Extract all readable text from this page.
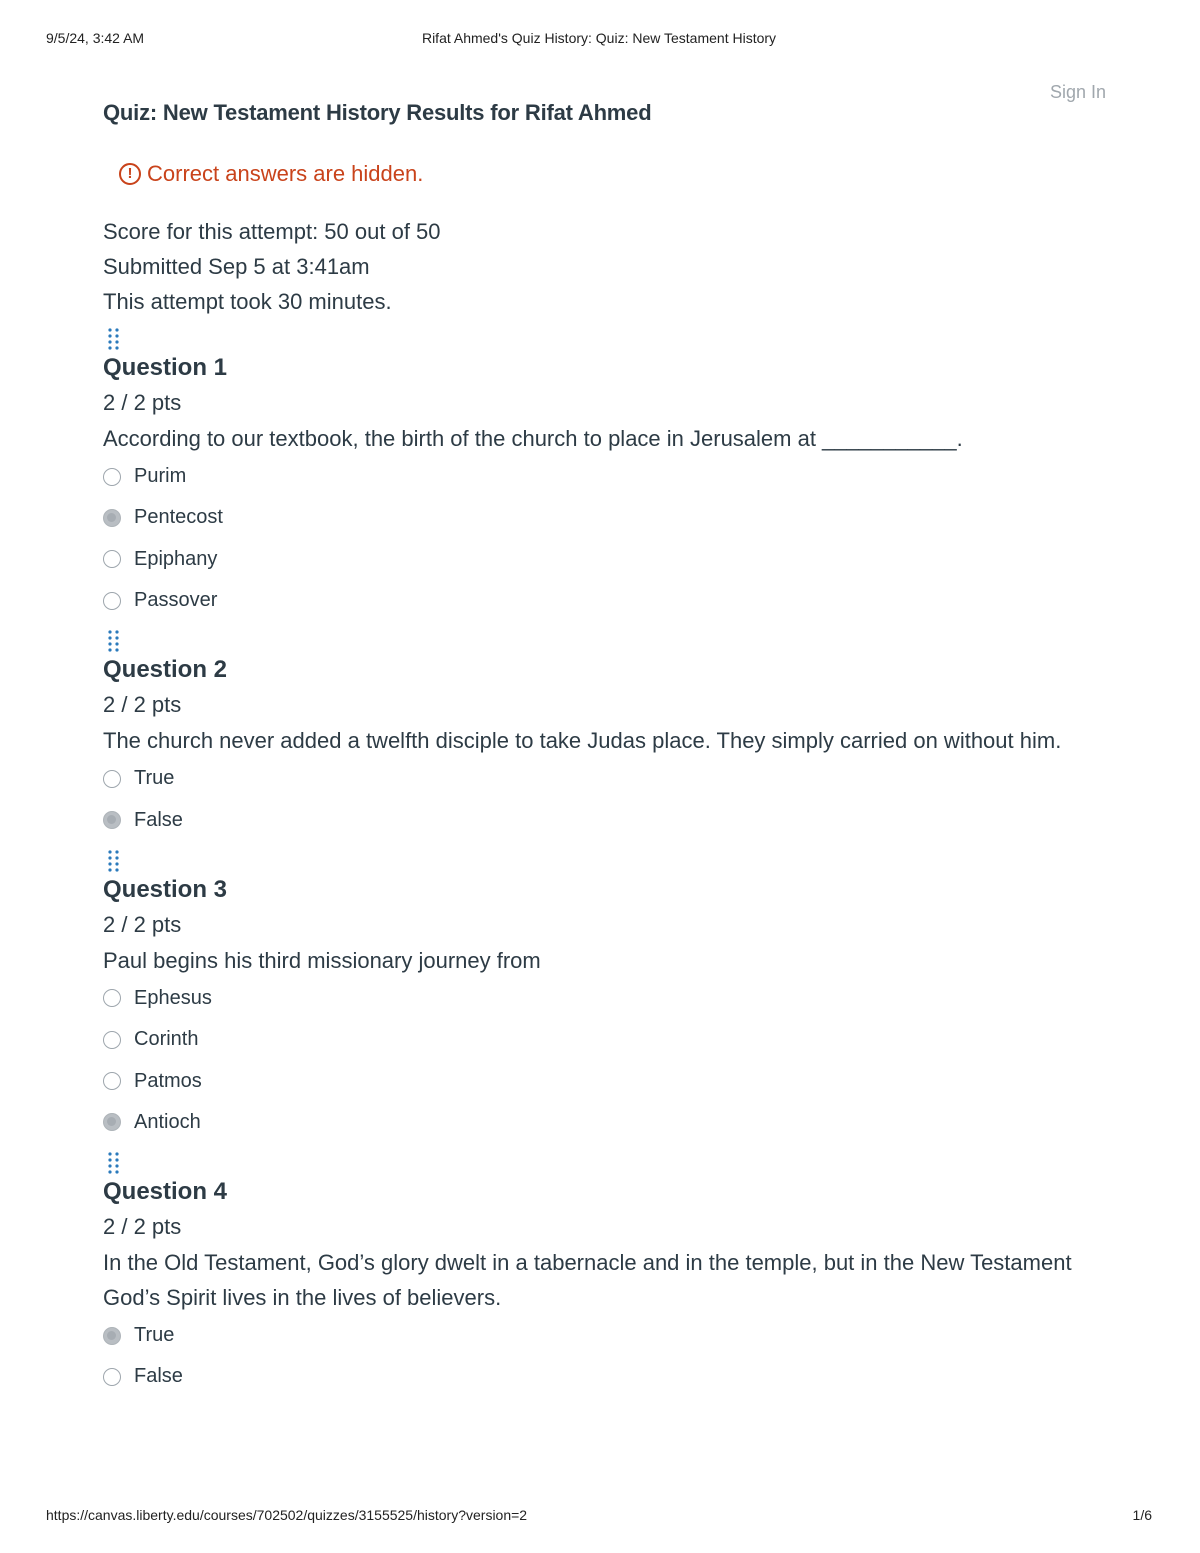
9/5/24, 3:42 AM	Rifat Ahmed's Quiz History: Quiz: New Testament History
Sign In
Quiz: New Testament History Results for Rifat Ahmed
! Correct answers are hidden.
Score for this attempt: 50 out of 50
Submitted Sep 5 at 3:41am
This attempt took 30 minutes.
Question 1
2 / 2 pts
According to our textbook, the birth of the church to place in Jerusalem at ___________.
Purim
Pentecost
Epiphany
Passover
Question 2
2 / 2 pts
The church never added a twelfth disciple to take Judas place. They simply carried on without him.
True
False
Question 3
2 / 2 pts
Paul begins his third missionary journey from
Ephesus
Corinth
Patmos
Antioch
Question 4
2 / 2 pts
In the Old Testament, God’s glory dwelt in a tabernacle and in the temple, but in the New Testament God’s Spirit lives in the lives of believers.
True
False
https://canvas.liberty.edu/courses/702502/quizzes/3155525/history?version=2	1/6
